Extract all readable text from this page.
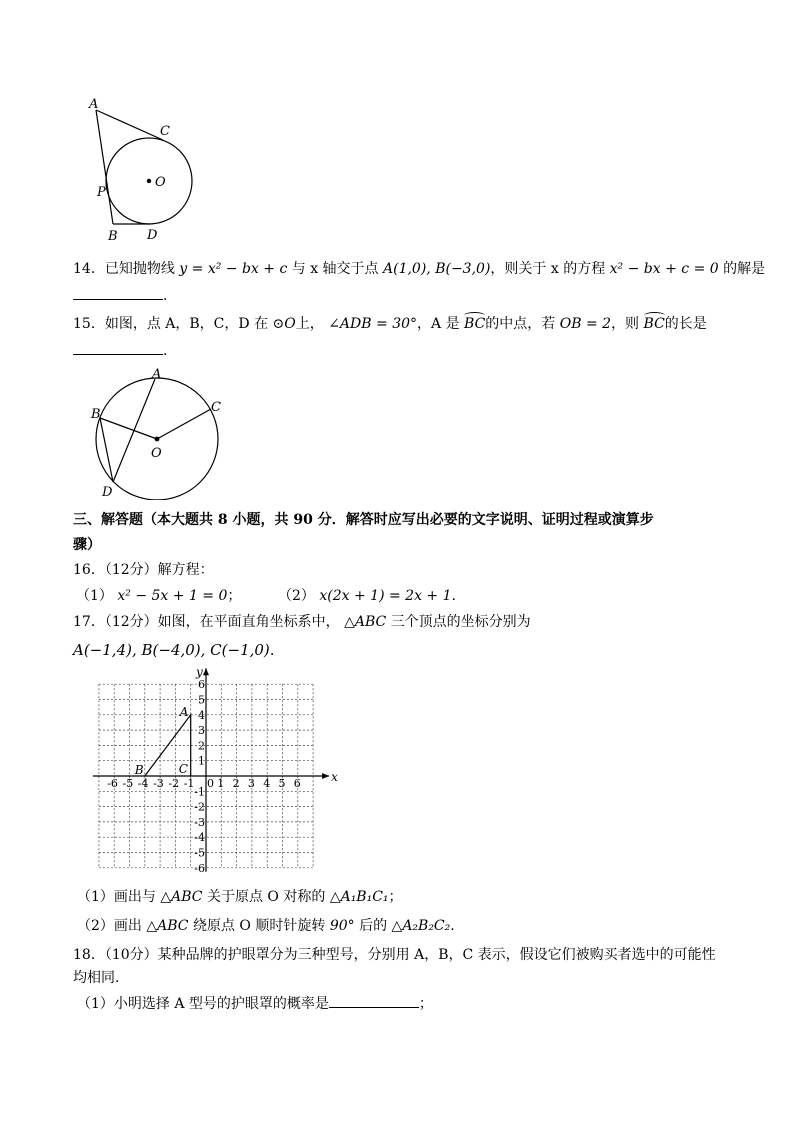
A
C
O
P
B D
14．已知抛物线 y = x² − bx + c 与 x 轴交于点 A(1,0), B(−3,0)，则关于 x 的方程 x² − bx + c = 0 的解是
.
15．如图，点 A，B，C，D 在 ⊙O上， ∠ADB = 30°，A 是 BC的中点，若 OB = 2，则 BC的长是
.
A
B	C
O
D
三、解答题（本大题共 8 小题，共 90 分．解答时应写出必要的文字说明、证明过程或演算步
骤）
16．（12分）解方程：
（1） x² − 5x + 1 = 0；	（2） x(2x + 1) = 2x + 1.
17．（12分）如图，在平面直角坐标系中， △ABC 三个顶点的坐标分别为
A(−1,4), B(−4,0), C(−1,0).
x
y
0
-6 -5 -4 -3 -2 -1 1 2 3 4 5 6
6
5
4
3
2
1
-1
-2
-3
-4
-5
-6
A
B	C
（1）画出与 △ABC 关于原点 O 对称的 △A₁B₁C₁；
（2）画出 △ABC 绕原点 O 顺时针旋转 90° 后的 △A₂B₂C₂.
18．（10分）某种品牌的护眼罩分为三种型号，分别用 A，B，C 表示，假设它们被购买者选中的可能性
均相同.
（1）小明选择 A 型号的护眼罩的概率是	；
